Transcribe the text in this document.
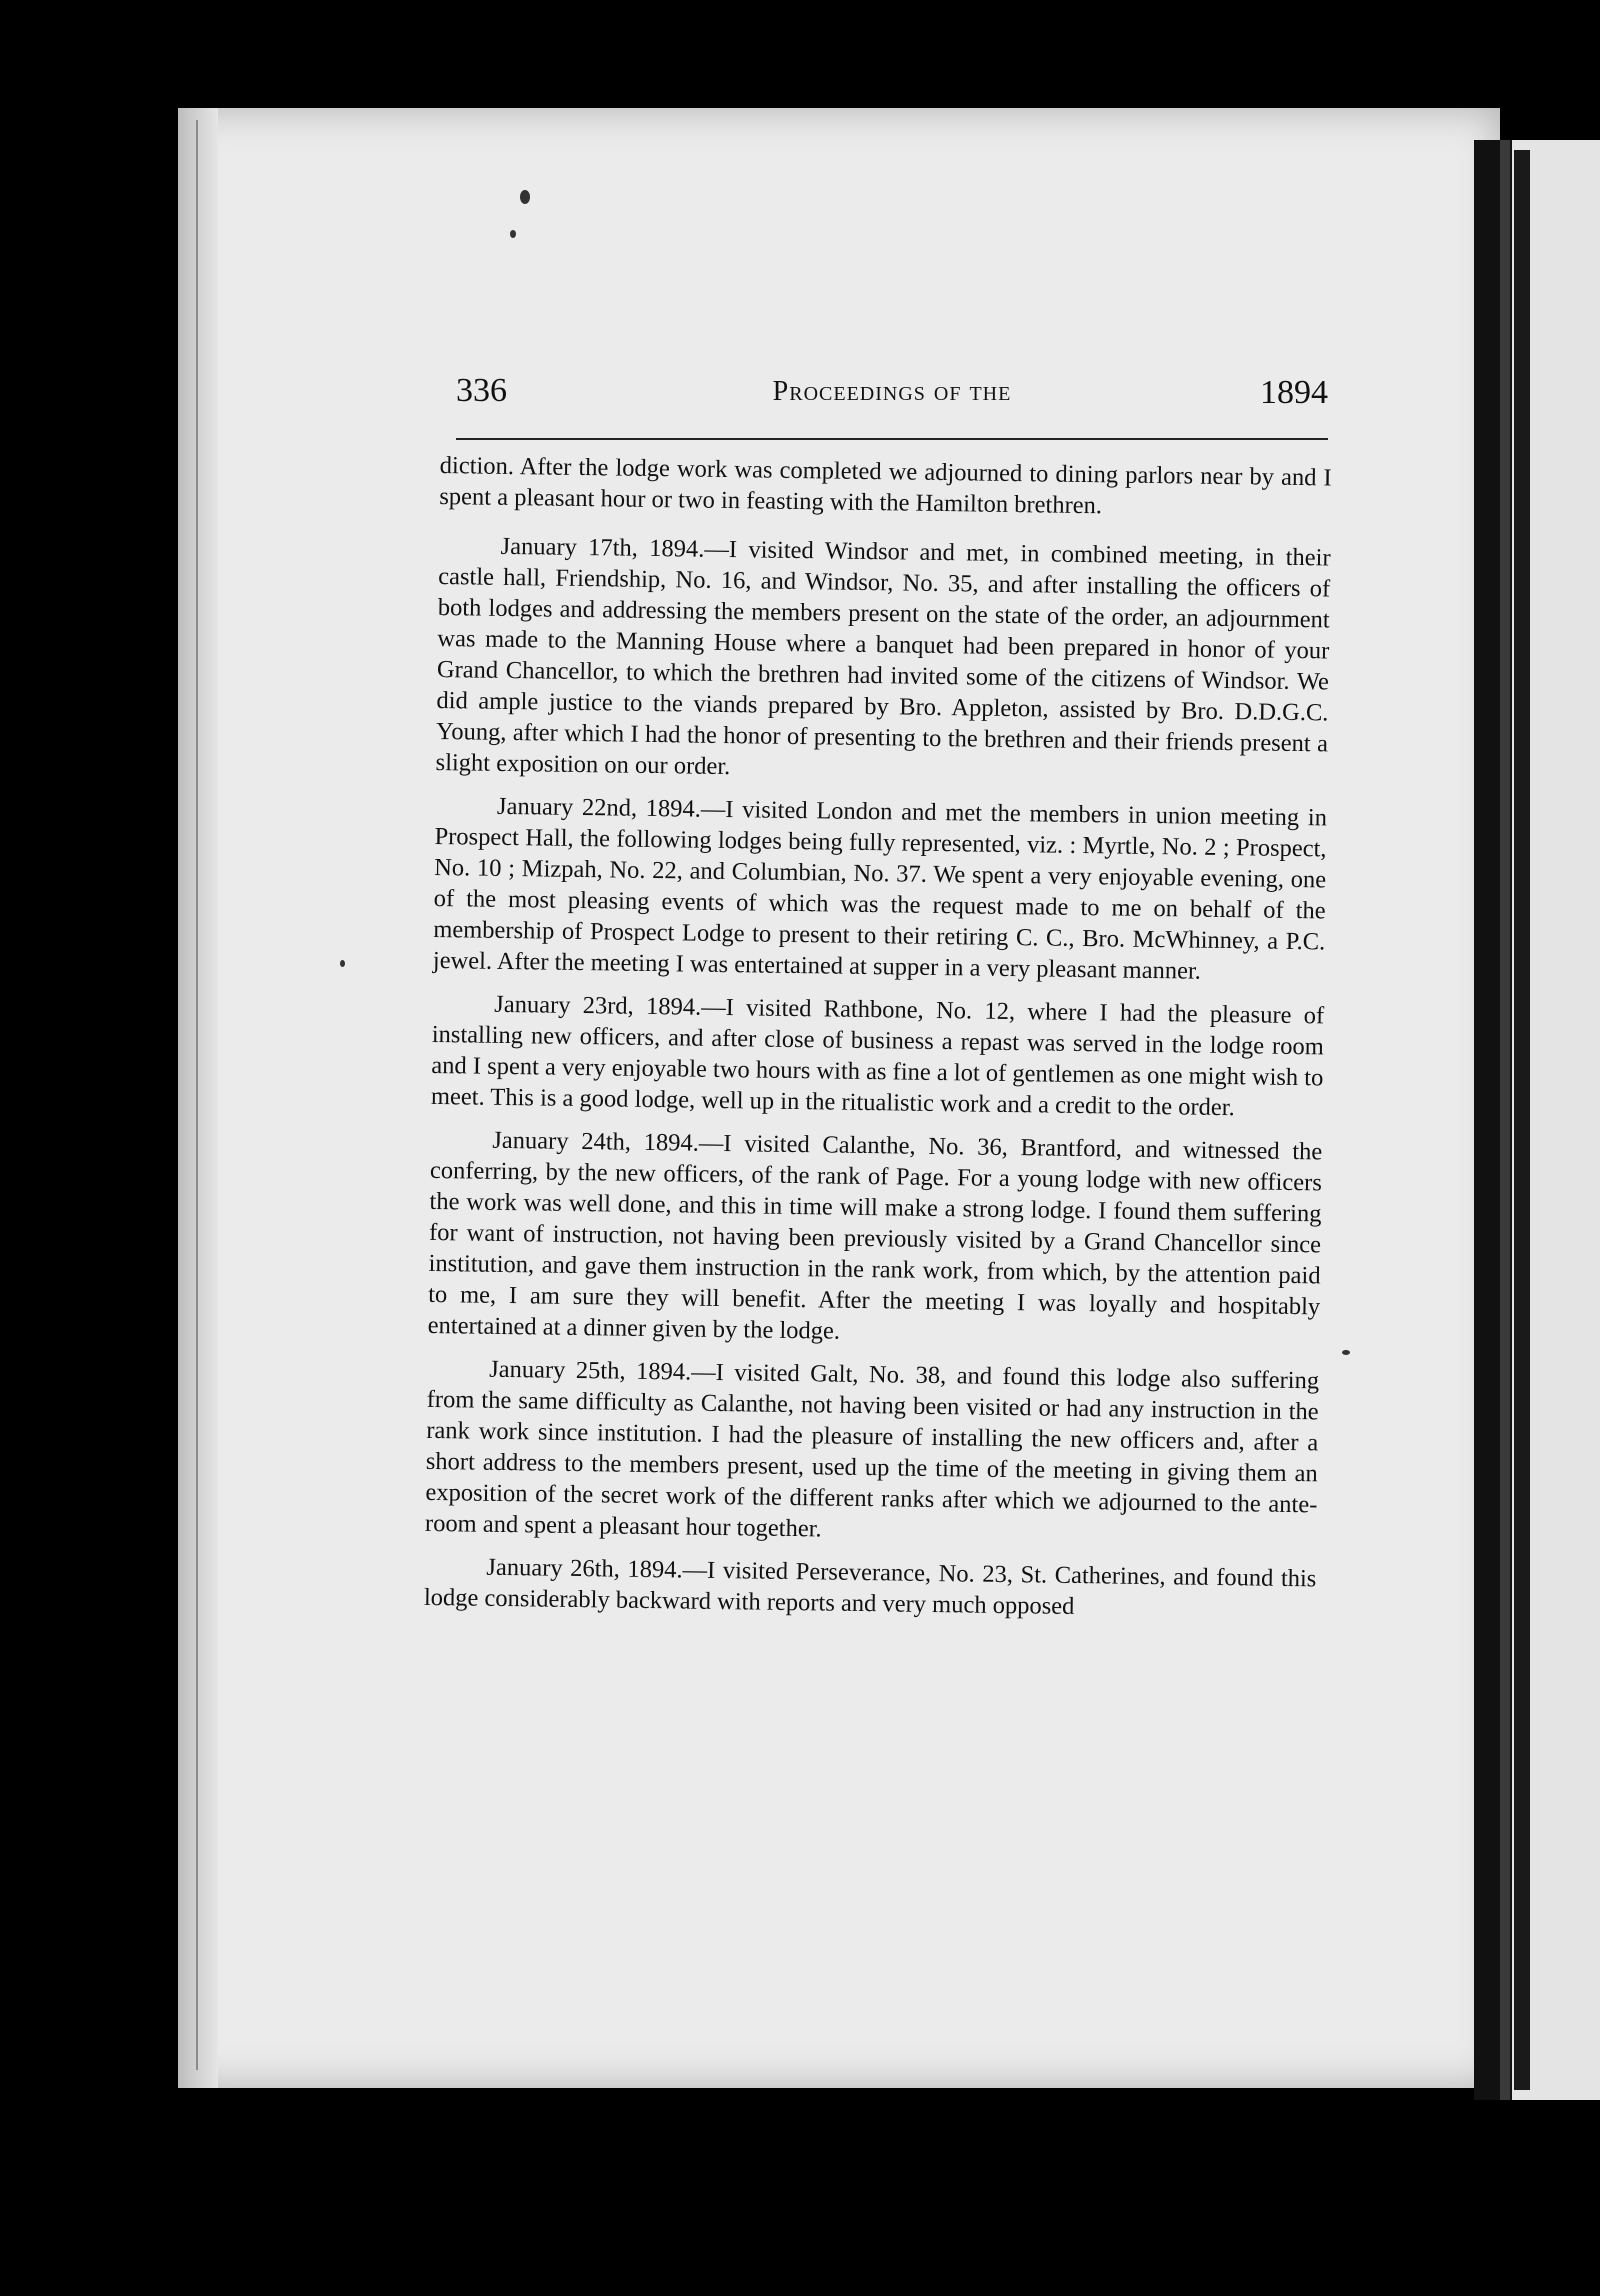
336	Proceedings of the	1894

diction. After the lodge work was completed we adjourned to dining parlors near by and I spent a pleasant hour or two in feasting with the Hamilton brethren.

January 17th, 1894.—I visited Windsor and met, in combined meeting, in their castle hall, Friendship, No. 16, and Windsor, No. 35, and after installing the officers of both lodges and addressing the members present on the state of the order, an adjournment was made to the Manning House where a banquet had been prepared in honor of your Grand Chancellor, to which the brethren had invited some of the citizens of Windsor. We did ample justice to the viands prepared by Bro. Appleton, assisted by Bro. D.D.G.C. Young, after which I had the honor of presenting to the brethren and their friends present a slight exposition on our order.

January 22nd, 1894.—I visited London and met the members in union meeting in Prospect Hall, the following lodges being fully represented, viz. : Myrtle, No. 2 ; Prospect, No. 10 ; Mizpah, No. 22, and Columbian, No. 37. We spent a very enjoyable evening, one of the most pleasing events of which was the request made to me on behalf of the membership of Prospect Lodge to present to their retiring C. C., Bro. McWhinney, a P.C. jewel. After the meeting I was entertained at supper in a very pleasant manner.

January 23rd, 1894.—I visited Rathbone, No. 12, where I had the pleasure of installing new officers, and after close of business a repast was served in the lodge room and I spent a very enjoyable two hours with as fine a lot of gentlemen as one might wish to meet. This is a good lodge, well up in the ritualistic work and a credit to the order.

January 24th, 1894.—I visited Calanthe, No. 36, Brantford, and witnessed the conferring, by the new officers, of the rank of Page. For a young lodge with new officers the work was well done, and this in time will make a strong lodge. I found them suffering for want of instruction, not having been previously visited by a Grand Chancellor since institution, and gave them instruction in the rank work, from which, by the attention paid to me, I am sure they will benefit. After the meeting I was loyally and hospitably entertained at a dinner given by the lodge.

January 25th, 1894.—I visited Galt, No. 38, and found this lodge also suffering from the same difficulty as Calanthe, not having been visited or had any instruction in the rank work since institution. I had the pleasure of installing the new officers and, after a short address to the members present, used up the time of the meeting in giving them an exposition of the secret work of the different ranks after which we adjourned to the ante-room and spent a pleasant hour together.

January 26th, 1894.—I visited Perseverance, No. 23, St. Catherines, and found this lodge considerably backward with reports and very much opposed
